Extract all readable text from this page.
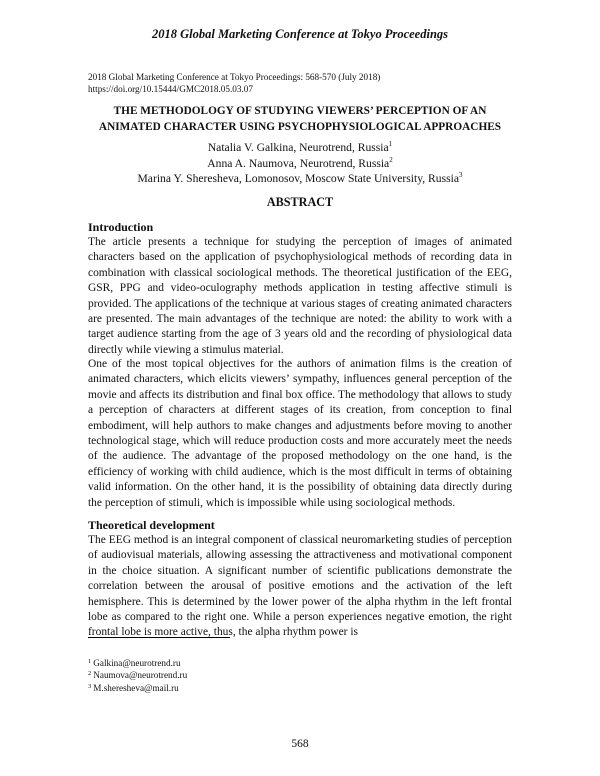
2018 Global Marketing Conference at Tokyo Proceedings
2018 Global Marketing Conference at Tokyo Proceedings: 568-570 (July 2018)
https://doi.org/10.15444/GMC2018.05.03.07
THE METHODOLOGY OF STUDYING VIEWERS’ PERCEPTION OF AN
ANIMATED CHARACTER USING PSYCHOPHYSIOLOGICAL APPROACHES
Natalia V. Galkina, Neurotrend, Russia$^1$
Anna A. Naumova, Neurotrend, Russia$^2$
Marina Y. Sheresheva, Lomonosov, Moscow State University, Russia$^3$
ABSTRACT
Introduction

The article presents a technique for studying the perception of images of animated characters based on the application of psychophysiological methods of recording data in combination with classical sociological methods. The theoretical justification of the EEG, GSR, PPG and video-oculography methods application in testing affective stimuli is provided. The applications of the technique at various stages of creating animated characters are presented. The main advantages of the technique are noted: the ability to work with a target audience starting from the age of 3 years old and the recording of physiological data directly while viewing a stimulus material.

One of the most topical objectives for the authors of animation films is the creation of animated characters, which elicits viewers’ sympathy, influences general perception of the movie and affects its distribution and final box office. The methodology that allows to study a perception of characters at different stages of its creation, from conception to final embodiment, will help authors to make changes and adjustments before moving to another technological stage, which will reduce production costs and more accurately meet the needs of the audience. The advantage of the proposed methodology on the one hand, is the efficiency of working with child audience, which is the most difficult in terms of obtaining valid information. On the other hand, it is the possibility of obtaining data directly during the perception of stimuli, which is impossible while using sociological methods.

Theoretical development

The EEG method is an integral component of classical neuromarketing studies of perception of audiovisual materials, allowing assessing the attractiveness and motivational component in the choice situation. A significant number of scientific publications demonstrate the correlation between the arousal of positive emotions and the activation of the left hemisphere. This is determined by the lower power of the alpha rhythm in the left frontal lobe as compared to the right one. While a person experiences negative emotion, the right frontal lobe is more active, thus, the alpha rhythm power is

$^1$ Galkina@neurotrend.ru
$^2$ Naumova@neurotrend.ru
$^3$ M.sheresheva@mail.ru
568
